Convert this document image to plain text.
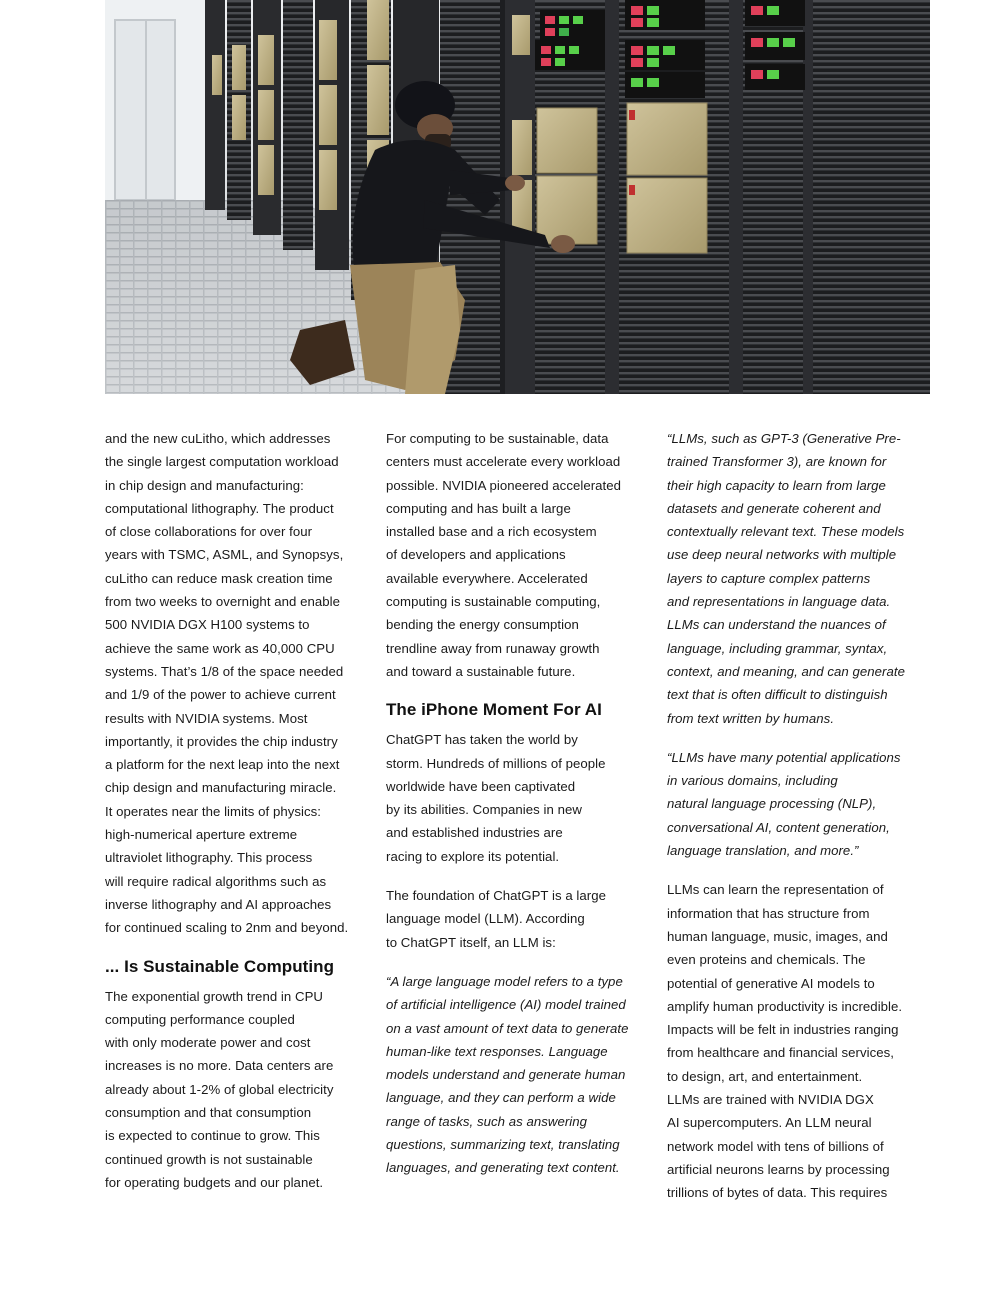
and the new cuLitho, which addresses
the single largest computation workload
in chip design and manufacturing:
computational lithography. The product
of close collaborations for over four
years with TSMC, ASML, and Synopsys,
cuLitho can reduce mask creation time
from two weeks to overnight and enable
500 NVIDIA DGX H100 systems to
achieve the same work as 40,000 CPU
systems. That’s 1/8 of the space needed
and 1/9 of the power to achieve current
results with NVIDIA systems. Most
importantly, it provides the chip industry
a platform for the next leap into the next
chip design and manufacturing miracle.
It operates near the limits of physics:
high-numerical aperture extreme
ultraviolet lithography. This process
will require radical algorithms such as
inverse lithography and AI approaches
for continued scaling to 2nm and beyond.

... Is Sustainable Computing

The exponential growth trend in CPU
computing performance coupled
with only moderate power and cost
increases is no more. Data centers are
already about 1-2% of global electricity
consumption and that consumption
is expected to continue to grow. This
continued growth is not sustainable
for operating budgets and our planet.

For computing to be sustainable, data
centers must accelerate every workload
possible. NVIDIA pioneered accelerated
computing and has built a large
installed base and a rich ecosystem
of developers and applications
available everywhere. Accelerated
computing is sustainable computing,
bending the energy consumption
trendline away from runaway growth
and toward a sustainable future.

The iPhone Moment For AI

ChatGPT has taken the world by
storm. Hundreds of millions of people
worldwide have been captivated
by its abilities. Companies in new
and established industries are
racing to explore its potential.

The foundation of ChatGPT is a large
language model (LLM). According
to ChatGPT itself, an LLM is:

“A large language model refers to a type
of artificial intelligence (AI) model trained
on a vast amount of text data to generate
human-like text responses. Language
models understand and generate human
language, and they can perform a wide
range of tasks, such as answering
questions, summarizing text, translating
languages, and generating text content.

“LLMs, such as GPT-3 (Generative Pre-
trained Transformer 3), are known for
their high capacity to learn from large
datasets and generate coherent and
contextually relevant text. These models
use deep neural networks with multiple
layers to capture complex patterns
and representations in language data.
LLMs can understand the nuances of
language, including grammar, syntax,
context, and meaning, and can generate
text that is often difficult to distinguish
from text written by humans.

“LLMs have many potential applications
in various domains, including
natural language processing (NLP),
conversational AI, content generation,
language translation, and more.”

LLMs can learn the representation of
information that has structure from
human language, music, images, and
even proteins and chemicals. The
potential of generative AI models to
amplify human productivity is incredible.
Impacts will be felt in industries ranging
from healthcare and financial services,
to design, art, and entertainment.
LLMs are trained with NVIDIA DGX
AI supercomputers. An LLM neural
network model with tens of billions of
artificial neurons learns by processing
trillions of bytes of data. This requires
